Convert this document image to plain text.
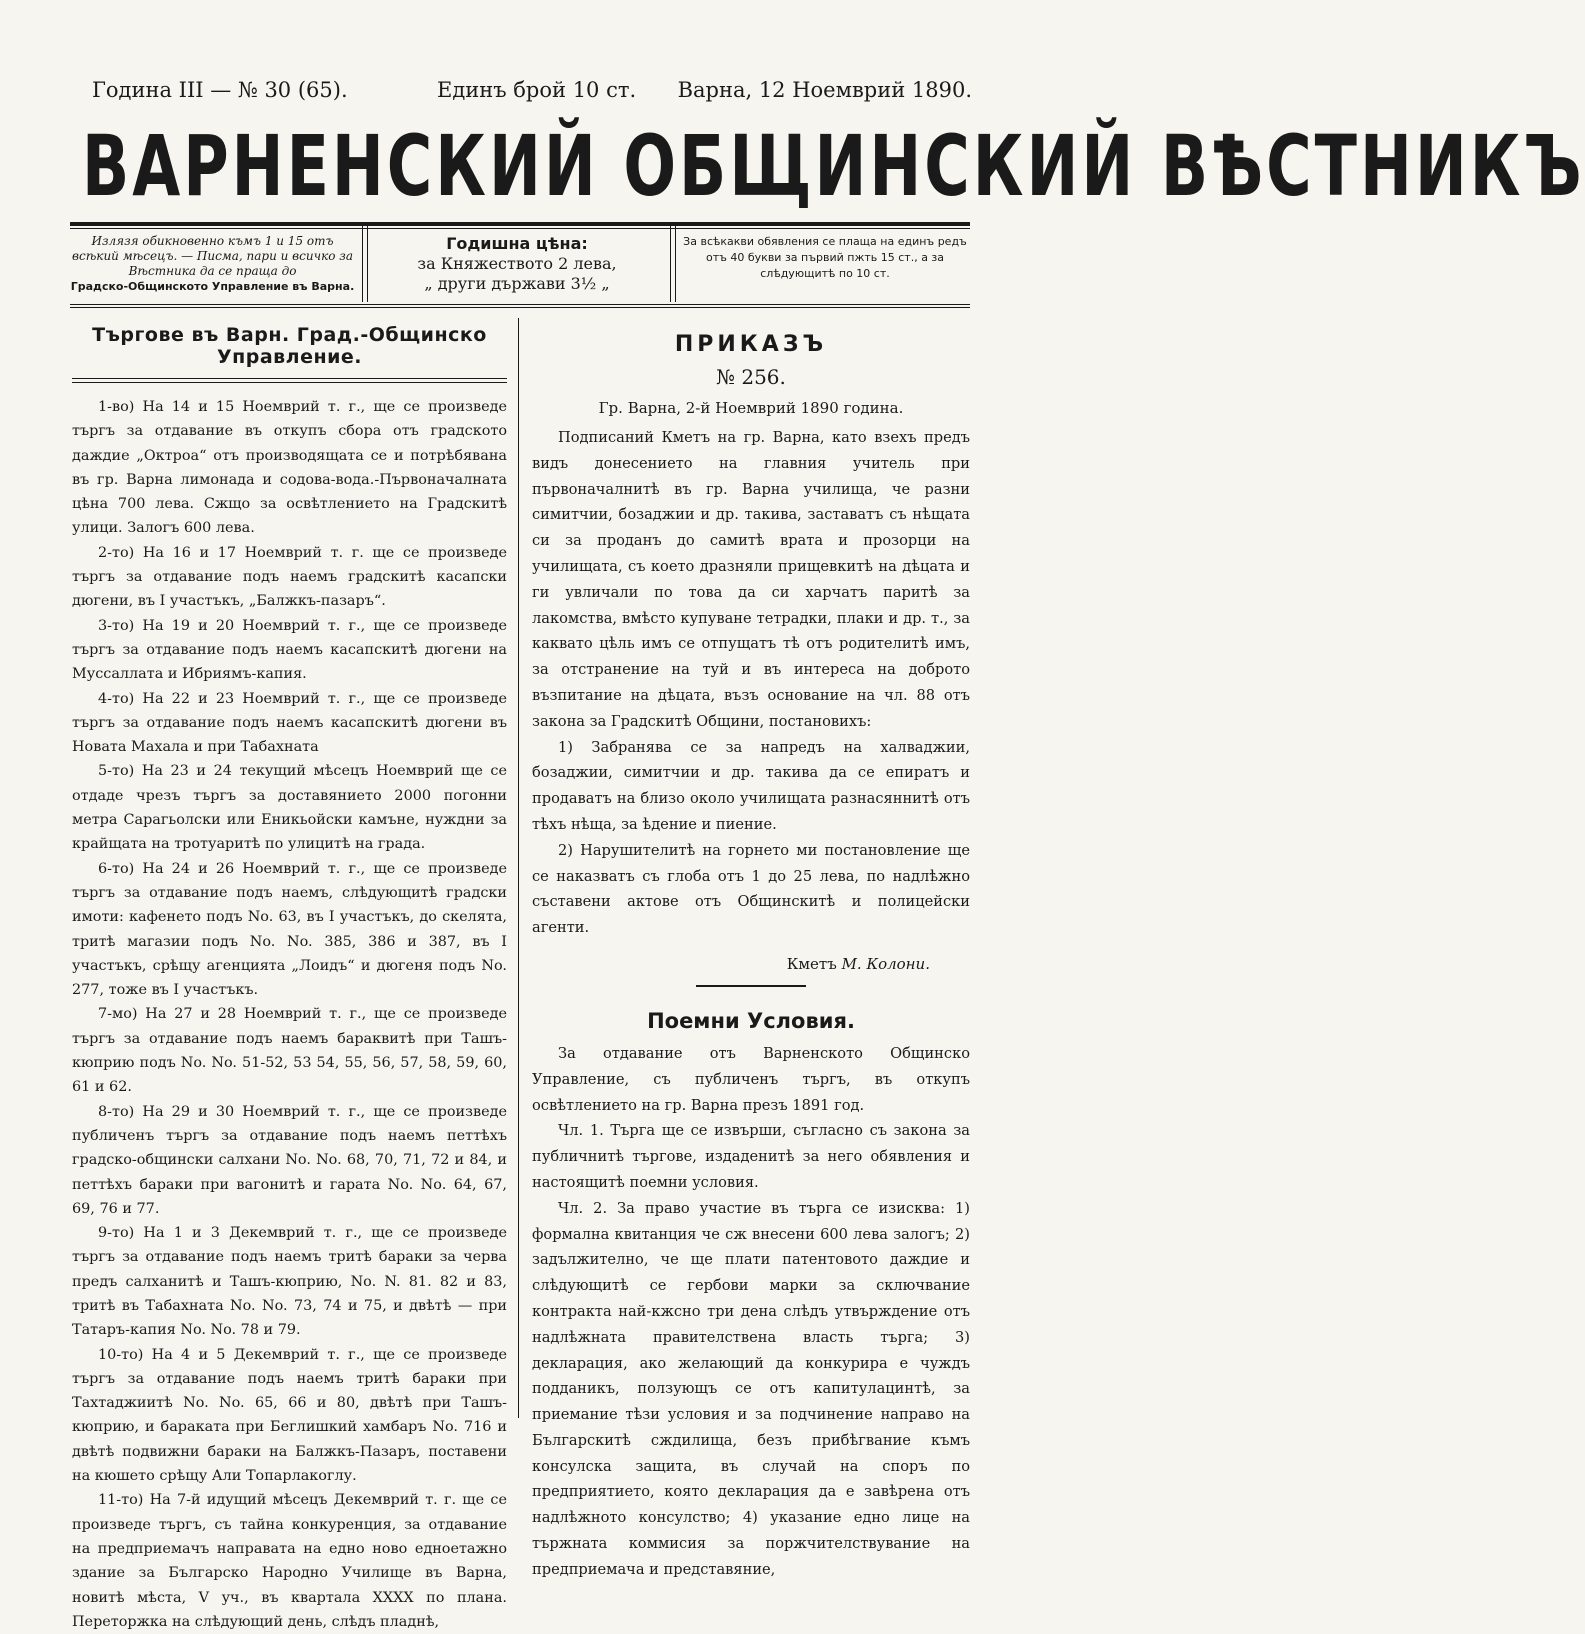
Година III — № 30 (65).	Единъ брой 10 ст. Варна, 12 Ноемврий 1890.
ВАРНЕНСКИЙ ОБЩИНСКИЙ ВѢСТНИКЪ
Излязя обикновенно къмъ 1 и 15 отъ всѣкий мѣсецъ. — Писма, пари и всичко за Вѣстника да се праща до
Градско-Общинското Управление въ Варна.
Годишна цѣна:
за Княжеството 2 лева,
„ други държави 3½ „
За всѣкакви обявления се плаща на единъ редъ отъ 40 букви за първий пжть 15 ст., а за слѣдующитѣ по 10 ст.
Търгове въ Варн. Град.-Общинско Управление.

1-во) На 14 и 15 Ноемврий т. г., ще се произведе търгъ за отдавание въ откупъ сбора отъ градското даждие „Октроа“ отъ производящата се и потрѣбявана въ гр. Варна лимонада и содова-вода.-Първоначалната цѣна 700 лева. Сжщо за освѣтлението на Градскитѣ улици. Залогъ 600 лева.

2-то) На 16 и 17 Ноемврий т. г. ще се произведе търгъ за отдавание подъ наемъ градскитѣ касапски дюгени, въ I участъкъ, „Балжкъ-пазаръ“.

3-то) На 19 и 20 Ноемврий т. г., ще се произведе търгъ за отдавание подъ наемъ касапскитѣ дюгени на Муссаллата и Ибриямъ-капия.

4-то) На 22 и 23 Ноемврий т. г., ще се произведе търгъ за отдавание подъ наемъ касапскитѣ дюгени въ Новата Махала и при Табахната

5-то) На 23 и 24 текущий мѣсецъ Ноемврий ще се отдаде чрезъ търгъ за доставянието 2000 погонни метра Сарагьолски или Еникьойски камъне, нуждни за крайщата на тротуаритѣ по улицитѣ на града.

6-то) На 24 и 26 Ноемврий т. г., ще се произведе търгъ за отдавание подъ наемъ, слѣдующитѣ градски имоти: кафенето подъ No. 63, въ I участъкъ, до скелята, тритѣ магазии подъ No. No. 385, 386 и 387, въ I участъкъ, срѣщу агенцията „Лоидъ“ и дюгеня подъ No. 277, тоже въ I участъкъ.

7-мо) На 27 и 28 Ноемврий т. г., ще се произведе търгъ за отдавание подъ наемъ бараквитѣ при Ташъ-кюприю подъ No. No. 51-52, 53 54, 55, 56, 57, 58, 59, 60, 61 и 62.

8-то) На 29 и 30 Ноемврий т. г., ще се произведе публиченъ търгъ за отдавание подъ наемъ петтѣхъ градско-общински салхани No. No. 68, 70, 71, 72 и 84, и петтѣхъ бараки при вагонитѣ и гарата No. No. 64, 67, 69, 76 и 77.

9-то) На 1 и 3 Декемврий т. г., ще се произведе търгъ за отдавание подъ наемъ тритѣ бараки за черва предъ салханитѣ и Ташъ-кюприю, No. N. 81. 82 и 83, тритѣ въ Табахната No. No. 73, 74 и 75, и двѣтѣ — при Татаръ-капия No. No. 78 и 79.

10-то) На 4 и 5 Декемврий т. г., ще се произведе търгъ за отдавание подъ наемъ тритѣ бараки при Тахтаджиитѣ No. No. 65, 66 и 80, двѣтѣ при Ташъ-кюприю, и бараката при Беглишкий хамбаръ No. 716 и двѣтѣ подвижни бараки на Балжкъ-Пазаръ, поставени на кюшето срѣщу Али Топарлакоглу.

11-то) На 7-й идущий мѣсецъ Декемврий т. г. ще се произведе търгъ, съ тайна конкуренция, за отдавание на предприемачъ направата на едно ново едноетажно здание за Българско Народно Училище въ Варна, новитѣ мѣста, V уч., въ квартала XXXX по плана. Переторжка на слѣдующий день, слѣдъ пладнѣ,

ПРИКАЗЪ
№ 256.
Гр. Варна, 2-й Ноемврий 1890 година.

Подписаний Кметъ на гр. Варна, като взехъ предъ видъ донесението на главния учитель при първоначалнитѣ въ гр. Варна училища, че разни симитчии, бозаджии и др. такива, заставатъ съ нѣщата си за проданъ до самитѣ врата и прозорци на училищата, съ което дразняли прищевкитѣ на дѣцата и ги увличали по това да си харчатъ паритѣ за лакомства, вмѣсто купуване тетрадки, плаки и др. т., за каквато цѣль имъ се отпущатъ тѣ отъ родителитѣ имъ, за отстранение на туй и въ интереса на доброто възпитание на дѣцата, възъ основание на чл. 88 отъ закона за Градскитѣ Общини, постановихъ:

1) Забранява се за напредъ на халваджии, бозаджии, симитчии и др. такива да се епиратъ и продаватъ на близо около училищата разнасяннитѣ отъ тѣхъ нѣща, за ѣдение и пиение.

2) Нарушителитѣ на горнето ми постановление ще се наказватъ съ глоба отъ 1 до 25 лева, по надлѣжно съставени актове отъ Общинскитѣ и полицейски агенти.

Кметъ М. Колони.
Поемни Условия.

За отдавание отъ Варненското Общинско Управление, съ публиченъ търгъ, въ откупъ освѣтлението на гр. Варна презъ 1891 год.

Чл. 1. Търга ще се извърши, съгласно съ закона за публичнитѣ търгове, издаденитѣ за него обявления и настоящитѣ поемни условия.

Чл. 2. За право участие въ търга се изисква: 1) формална квитанция че сж внесени 600 лева залогъ; 2) задължително, че ще плати патентовото даждие и слѣдующитѣ се гербови марки за сключвание контракта най-кжсно три дена слѣдъ утвърждение отъ надлѣжната правителствена власть търга; 3) декларация, ако желающий да конкурира е чуждъ подданикъ, ползующъ се отъ капитулацинтѣ, за приемание тѣзи условия и за подчинение направо на Българскитѣ сждилища, безъ прибѣгвание къмъ консулска защита, въ случай на споръ по предприятието, която декларация да е завѣрена отъ надлѣжното консулство; 4) указание едно лице на тържната коммисия за поржчителствувание на предприемача и представяние,
